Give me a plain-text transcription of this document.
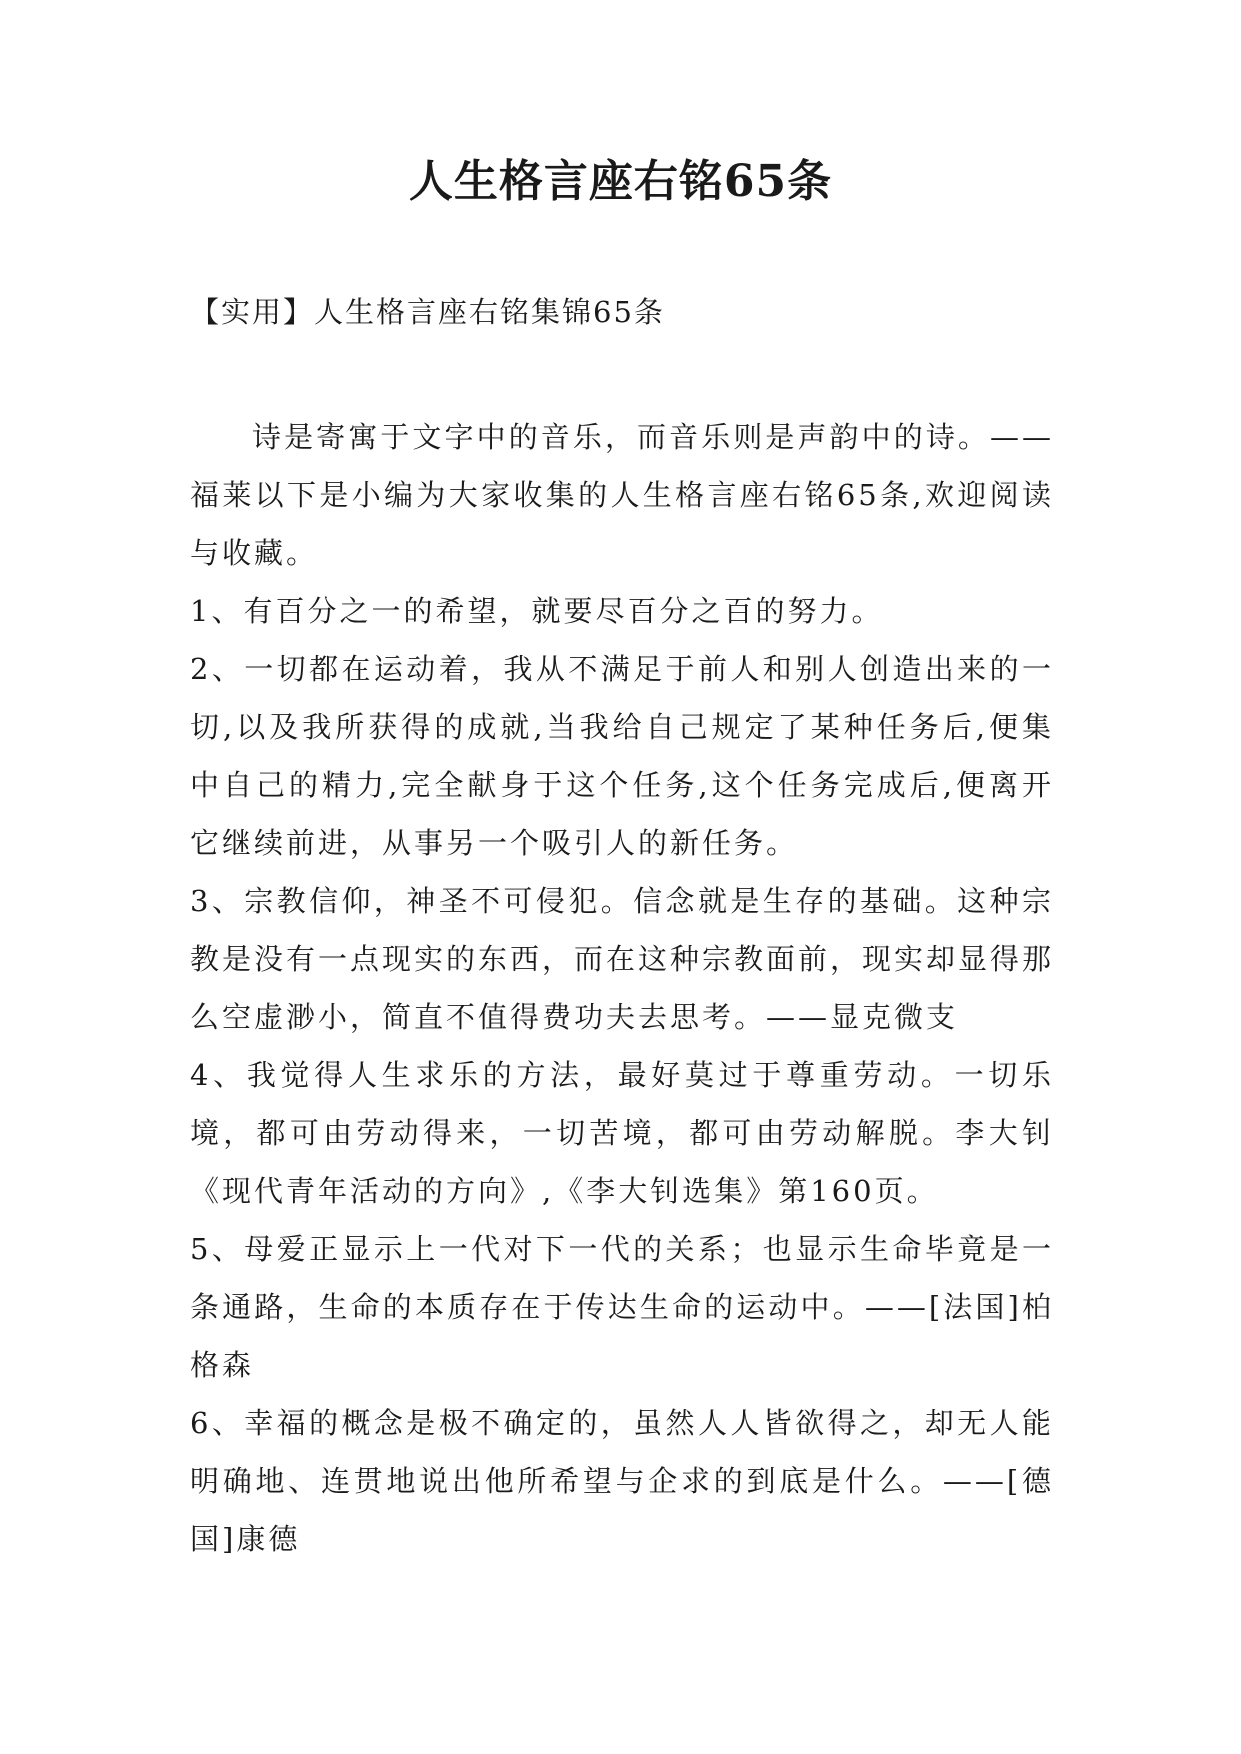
人生格言座右铭65条

【实用】人生格言座右铭集锦65条

诗是寄寓于文字中的音乐，而音乐则是声韵中的诗。——福莱以下是小编为大家收集的人生格言座右铭65条,欢迎阅读与收藏。

1、有百分之一的希望，就要尽百分之百的努力。

2、一切都在运动着，我从不满足于前人和别人创造出来的一切,以及我所获得的成就,当我给自己规定了某种任务后,便集中自己的精力,完全献身于这个任务,这个任务完成后,便离开它继续前进，从事另一个吸引人的新任务。

3、宗教信仰，神圣不可侵犯。信念就是生存的基础。这种宗教是没有一点现实的东西，而在这种宗教面前，现实却显得那么空虚渺小，简直不值得费功夫去思考。——显克微支

4、我觉得人生求乐的方法，最好莫过于尊重劳动。一切乐境，都可由劳动得来，一切苦境，都可由劳动解脱。李大钊《现代青年活动的方向》,《李大钊选集》第160页。

5、母爱正显示上一代对下一代的关系；也显示生命毕竟是一条通路，生命的本质存在于传达生命的运动中。——[法国]柏格森

6、幸福的概念是极不确定的，虽然人人皆欲得之，却无人能明确地、连贯地说出他所希望与企求的到底是什么。——[德国]康德
